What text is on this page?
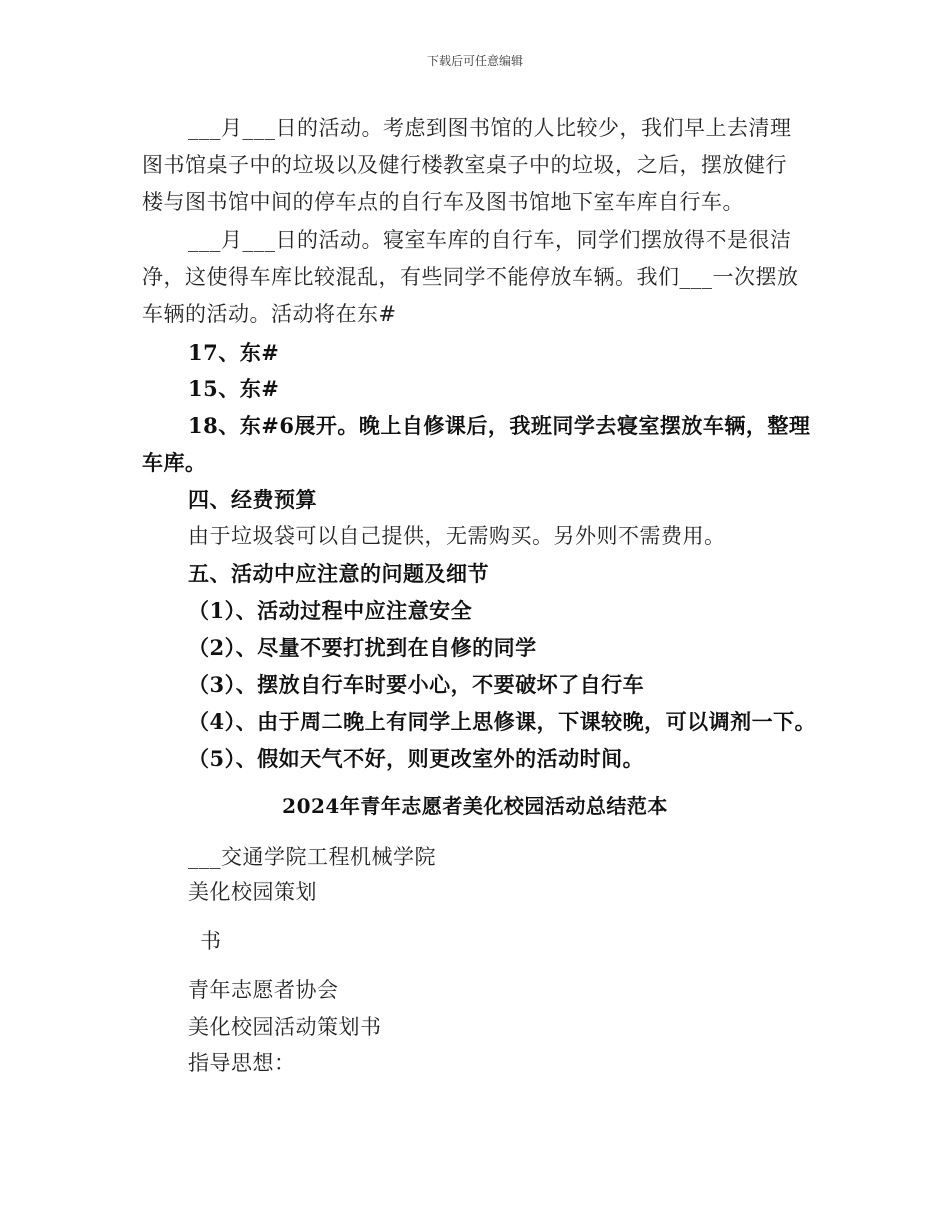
下载后可任意编辑
___月___日的活动。考虑到图书馆的人比较少，我们早上去清理
图书馆桌子中的垃圾以及健行楼教室桌子中的垃圾，之后，摆放健行
楼与图书馆中间的停车点的自行车及图书馆地下室车库自行车。
___月___日的活动。寝室车库的自行车，同学们摆放得不是很洁
净，这使得车库比较混乱，有些同学不能停放车辆。我们___一次摆放
车辆的活动。活动将在东#
17、东#
15、东#
18、东#6展开。晚上自修课后，我班同学去寝室摆放车辆，整理
车库。
四、经费预算
由于垃圾袋可以自己提供，无需购买。另外则不需费用。
五、活动中应注意的问题及细节
（1）、活动过程中应注意安全
（2）、尽量不要打扰到在自修的同学
（3）、摆放自行车时要小心，不要破坏了自行车
（4）、由于周二晚上有同学上思修课，下课较晚，可以调剂一下。
（5）、假如天气不好，则更改室外的活动时间。
2024年青年志愿者美化校园活动总结范本
___交通学院工程机械学院
美化校园策划
书
青年志愿者协会
美化校园活动策划书
指导思想：
